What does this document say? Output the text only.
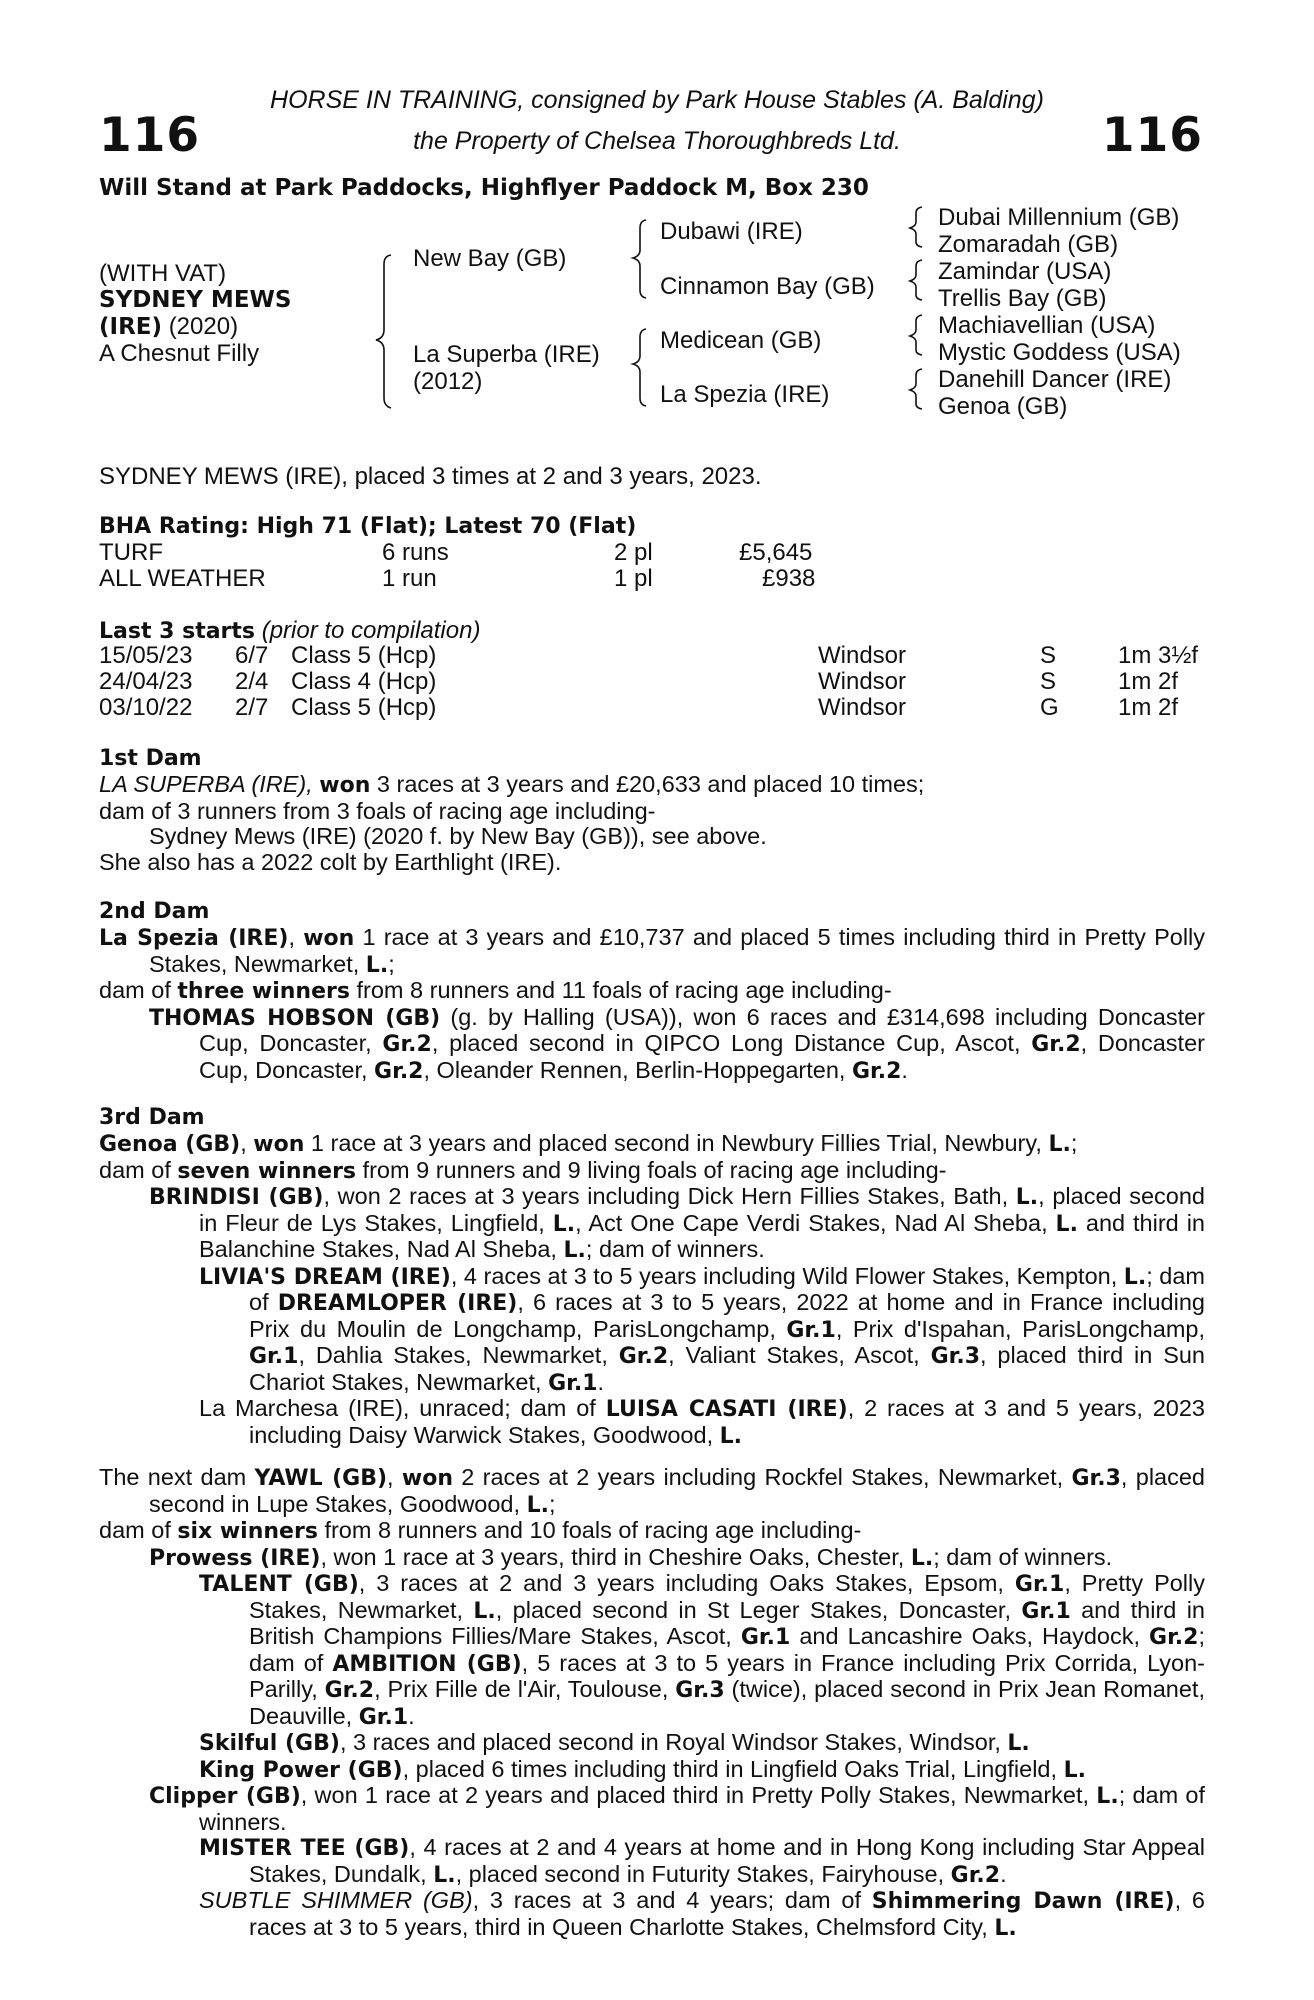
116	116
HORSE IN TRAINING, consigned by Park House Stables (A. Balding)
the Property of Chelsea Thoroughbreds Ltd.
Will Stand at Park Paddocks, Highflyer Paddock M, Box 230
(WITH VAT)
SYDNEY MEWS
(IRE) (2020)
A Chesnut Filly
New Bay (GB)
La Superba (IRE)
(2012)
Dubawi (IRE)
Cinnamon Bay (GB)
Medicean (GB)
La Spezia (IRE)
Dubai Millennium (GB)
Zomaradah (GB)
Zamindar (USA)
Trellis Bay (GB)
Machiavellian (USA)
Mystic Goddess (USA)
Danehill Dancer (IRE)
Genoa (GB)
SYDNEY MEWS (IRE), placed 3 times at 2 and 3 years, 2023.
BHA Rating: High 71 (Flat); Latest 70 (Flat)
TURF	6 runs	2 pl	£5,645
ALL WEATHER	1 run	1 pl	£938
Last 3 starts (prior to compilation)
15/05/23 6/7 Class 5 (Hcp)	Windsor	S	1m 3½f
24/04/23 2/4 Class 4 (Hcp)	Windsor	S	1m 2f
03/10/22 2/7 Class 5 (Hcp)	Windsor	G 1m 2f
1st Dam

LA SUPERBA (IRE), won 3 races at 3 years and £20,633 and placed 10 times;

dam of 3 runners from 3 foals of racing age including-

Sydney Mews (IRE) (2020 f. by New Bay (GB)), see above.

She also has a 2022 colt by Earthlight (IRE).

2nd Dam

La Spezia (IRE), won 1 race at 3 years and £10,737 and placed 5 times including third in Pretty Polly Stakes, Newmarket, L.;

dam of three winners from 8 runners and 11 foals of racing age including-

THOMAS HOBSON (GB) (g. by Halling (USA)), won 6 races and £314,698 including Doncaster Cup, Doncaster, Gr.2, placed second in QIPCO Long Distance Cup, Ascot, Gr.2, Doncaster Cup, Doncaster, Gr.2, Oleander Rennen, Berlin-Hoppegarten, Gr.2.

3rd Dam

Genoa (GB), won 1 race at 3 years and placed second in Newbury Fillies Trial, Newbury, L.;

dam of seven winners from 9 runners and 9 living foals of racing age including-

BRINDISI (GB), won 2 races at 3 years including Dick Hern Fillies Stakes, Bath, L., placed second in Fleur de Lys Stakes, Lingfield, L., Act One Cape Verdi Stakes, Nad Al Sheba, L. and third in Balanchine Stakes, Nad Al Sheba, L.; dam of winners.

LIVIA'S DREAM (IRE), 4 races at 3 to 5 years including Wild Flower Stakes, Kempton, L.; dam of DREAMLOPER (IRE), 6 races at 3 to 5 years, 2022 at home and in France including Prix du Moulin de Longchamp, ParisLongchamp, Gr.1, Prix d'Ispahan, ParisLongchamp, Gr.1, Dahlia Stakes, Newmarket, Gr.2, Valiant Stakes, Ascot, Gr.3, placed third in Sun Chariot Stakes, Newmarket, Gr.1.

La Marchesa (IRE), unraced; dam of LUISA CASATI (IRE), 2 races at 3 and 5 years, 2023 including Daisy Warwick Stakes, Goodwood, L.

The next dam YAWL (GB), won 2 races at 2 years including Rockfel Stakes, Newmarket, Gr.3, placed second in Lupe Stakes, Goodwood, L.;

dam of six winners from 8 runners and 10 foals of racing age including-

Prowess (IRE), won 1 race at 3 years, third in Cheshire Oaks, Chester, L.; dam of winners.

TALENT (GB), 3 races at 2 and 3 years including Oaks Stakes, Epsom, Gr.1, Pretty Polly Stakes, Newmarket, L., placed second in St Leger Stakes, Doncaster, Gr.1 and third in British Champions Fillies/Mare Stakes, Ascot, Gr.1 and Lancashire Oaks, Haydock, Gr.2; dam of AMBITION (GB), 5 races at 3 to 5 years in France including Prix Corrida, Lyon-Parilly, Gr.2, Prix Fille de l'Air, Toulouse, Gr.3 (twice), placed second in Prix Jean Romanet, Deauville, Gr.1.

Skilful (GB), 3 races and placed second in Royal Windsor Stakes, Windsor, L.

King Power (GB), placed 6 times including third in Lingfield Oaks Trial, Lingfield, L.

Clipper (GB), won 1 race at 2 years and placed third in Pretty Polly Stakes, Newmarket, L.; dam of winners.

MISTER TEE (GB), 4 races at 2 and 4 years at home and in Hong Kong including Star Appeal Stakes, Dundalk, L., placed second in Futurity Stakes, Fairyhouse, Gr.2.

SUBTLE SHIMMER (GB), 3 races at 3 and 4 years; dam of Shimmering Dawn (IRE), 6 races at 3 to 5 years, third in Queen Charlotte Stakes, Chelmsford City, L.
